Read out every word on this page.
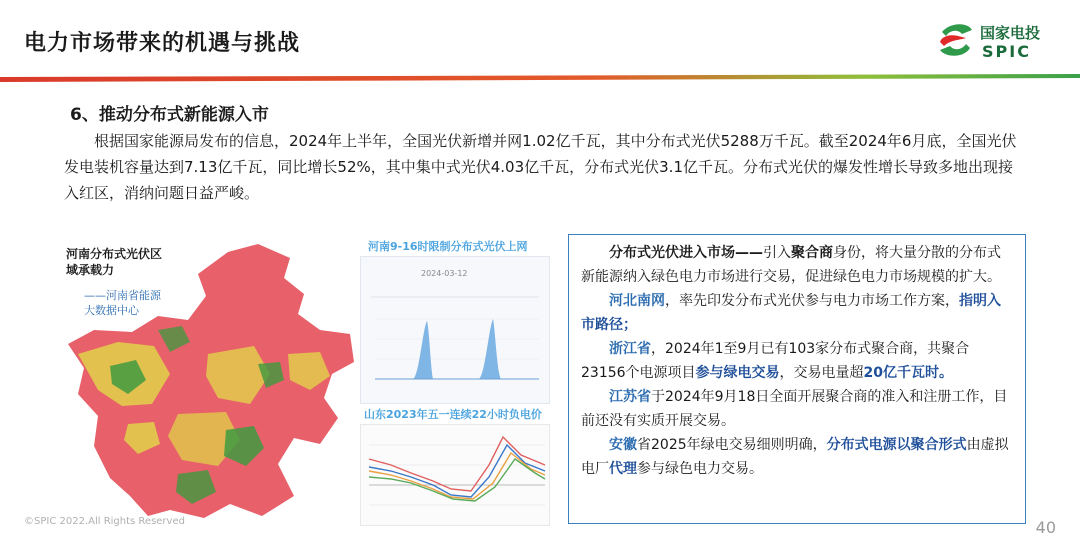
电力市场带来的机遇与挑战	国家电投
SPIC
6、推动分布式新能源入市
根据国家能源局发布的信息，2024年上半年，全国光伏新增并网1.02亿千瓦，其中分布式光伏5288万千瓦。截至2024年6月底，全国光伏发电装机容量达到7.13亿千瓦，同比增长52%，其中集中式光伏4.03亿千瓦，分布式光伏3.1亿千瓦。分布式光伏的爆发性增长导致多地出现接入红区，消纳问题日益严峻。
河南分布式光伏区域承载力
——河南省能源大数据中心
河南9-16时限制分布式光伏上网
2024-03-12
山东2023年五一连续22小时负电价

分布式光伏进入市场——引入聚合商身份，将大量分散的分布式新能源纳入绿色电力市场进行交易，促进绿色电力市场规模的扩大。

河北南网，率先印发分布式光伏参与电力市场工作方案，指明入市路径；

浙江省，2024年1至9月已有103家分布式聚合商，共聚合23156个电源项目参与绿电交易，交易电量超20亿千瓦时。

江苏省于2024年9月18日全面开展聚合商的准入和注册工作，目前还没有实质开展交易。

安徽省2025年绿电交易细则明确，分布式电源以聚合形式由虚拟电厂代理参与绿色电力交易。

©SPIC 2022.All Rights Reserved	40
